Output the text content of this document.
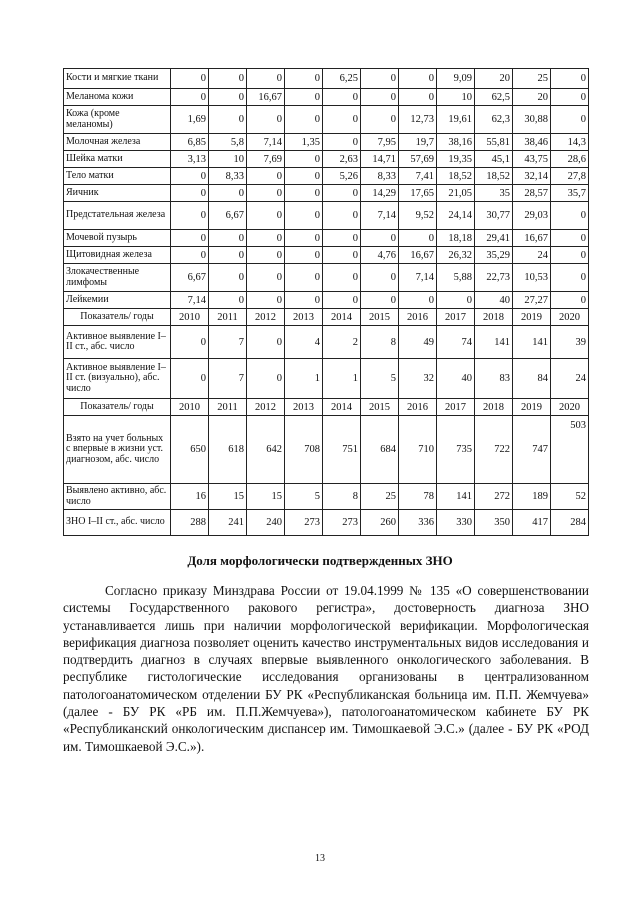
Кости и мягкие ткани	0	0	0	0	6,25	0	0	9,09	20	25	0
Меланома кожи	0	0	16,67	0	0	0	0	10	62,5	20	0
Кожа (кроме меланомы)	1,69	0	0	0	0	0	12,73	19,61	62,3	30,88	0
Молочная железа	6,85	5,8	7,14	1,35	0	7,95	19,7	38,16	55,81	38,46	14,3
Шейка матки	3,13	10	7,69	0	2,63	14,71	57,69	19,35	45,1	43,75	28,6
Тело матки	0	8,33	0	0	5,26	8,33	7,41	18,52	18,52	32,14	27,8
Яичник	0	0	0	0	0	14,29	17,65	21,05	35	28,57	35,7
Предстательная железа	0	6,67	0	0	0	7,14	9,52	24,14	30,77	29,03	0
Мочевой пузырь	0	0	0	0	0	0	0	18,18	29,41	16,67	0
Щитовидная железа	0	0	0	0	0	4,76	16,67	26,32	35,29	24	0
Злокачественные лимфомы	6,67	0	0	0	0	0	7,14	5,88	22,73	10,53	0
Лейкемии	7,14	0	0	0	0	0	0	0	40	27,27	0
Показатель/ годы	2010	2011	2012	2013	2014	2015	2016	2017	2018	2019	2020
Активное выявление I–II ст., абс. число	0	7	0	4	2	8	49	74	141	141	39
Активное выявление I–II ст. (визуально), абс. число	0	7	0	1	1	5	32	40	83	84	24
Показатель/ годы	2010	2011	2012	2013	2014	2015	2016	2017	2018	2019	2020
Взято на учет больных с впервые в жизни уст. диагнозом, абс. число	650	618	642	708	751	684	710	735	722	747	503
Выявлено активно, абс. число	16	15	15	5	8	25	78	141	272	189	52
ЗНО I–II ст., абс. число	288	241	240	273	273	260	336	330	350	417	284
Доля морфологически подтвержденных ЗНО

Согласно приказу Минздрава России от 19.04.1999 № 135 «О совершенствовании системы Государственного ракового регистра», достоверность диагноза ЗНО устанавливается лишь при наличии морфологической верификации. Морфологическая верификация диагноза позволяет оценить качество инструментальных видов исследования и подтвердить диагноз в случаях впервые выявленного онкологического заболевания. В республике гистологические исследования организованы в централизованном патологоанатомическом отделении БУ РК «Республиканская больница им. П.П. Жемчуева» (далее - БУ РК «РБ им. П.П.Жемчуева»), патологоанатомическом кабинете БУ РК «Республиканский онкологическим диспансер им. Тимошкаевой Э.С.» (далее - БУ РК «РОД им. Тимошкаевой Э.С.»).

13
